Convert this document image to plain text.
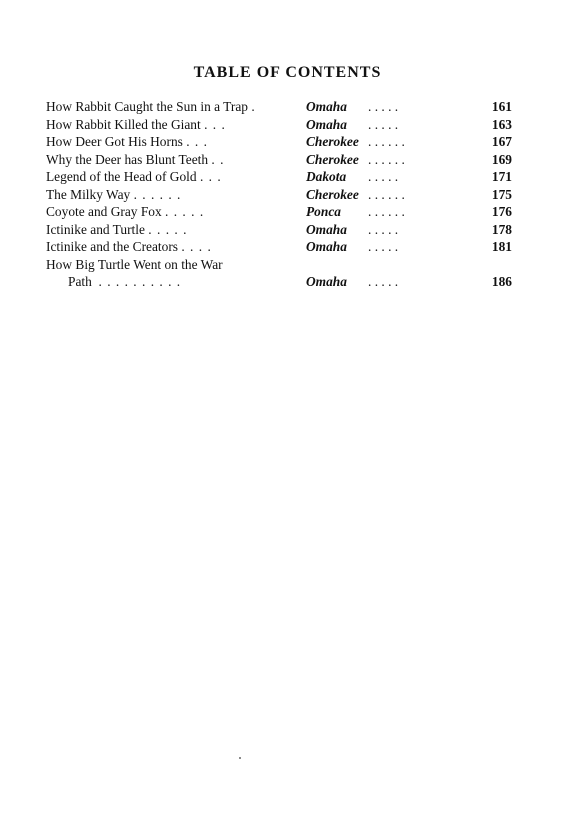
TABLE OF CONTENTS
How Rabbit Caught the Sun in a Trap .	Omaha . . . . .	161
How Rabbit Killed the Giant . . .	Omaha . . . . .	163
How Deer Got His Horns . . .	Cherokee . . . . . .	167
Why the Deer has Blunt Teeth . .	Cherokee . . . . . .	169
Legend of the Head of Gold . . .	Dakota . . . . .	171
The Milky Way . . . . . .	Cherokee . . . . . .	175
Coyote and Gray Fox . . . . .	Ponca . . . . . .	176
Ictinike and Turtle . . . . .	Omaha . . . . .	178
Ictinike and the Creators . . . .	Omaha . . . . .	181
How Big Turtle Went on the War
Path . . . . . . . . . .	Omaha . . . . .	186
